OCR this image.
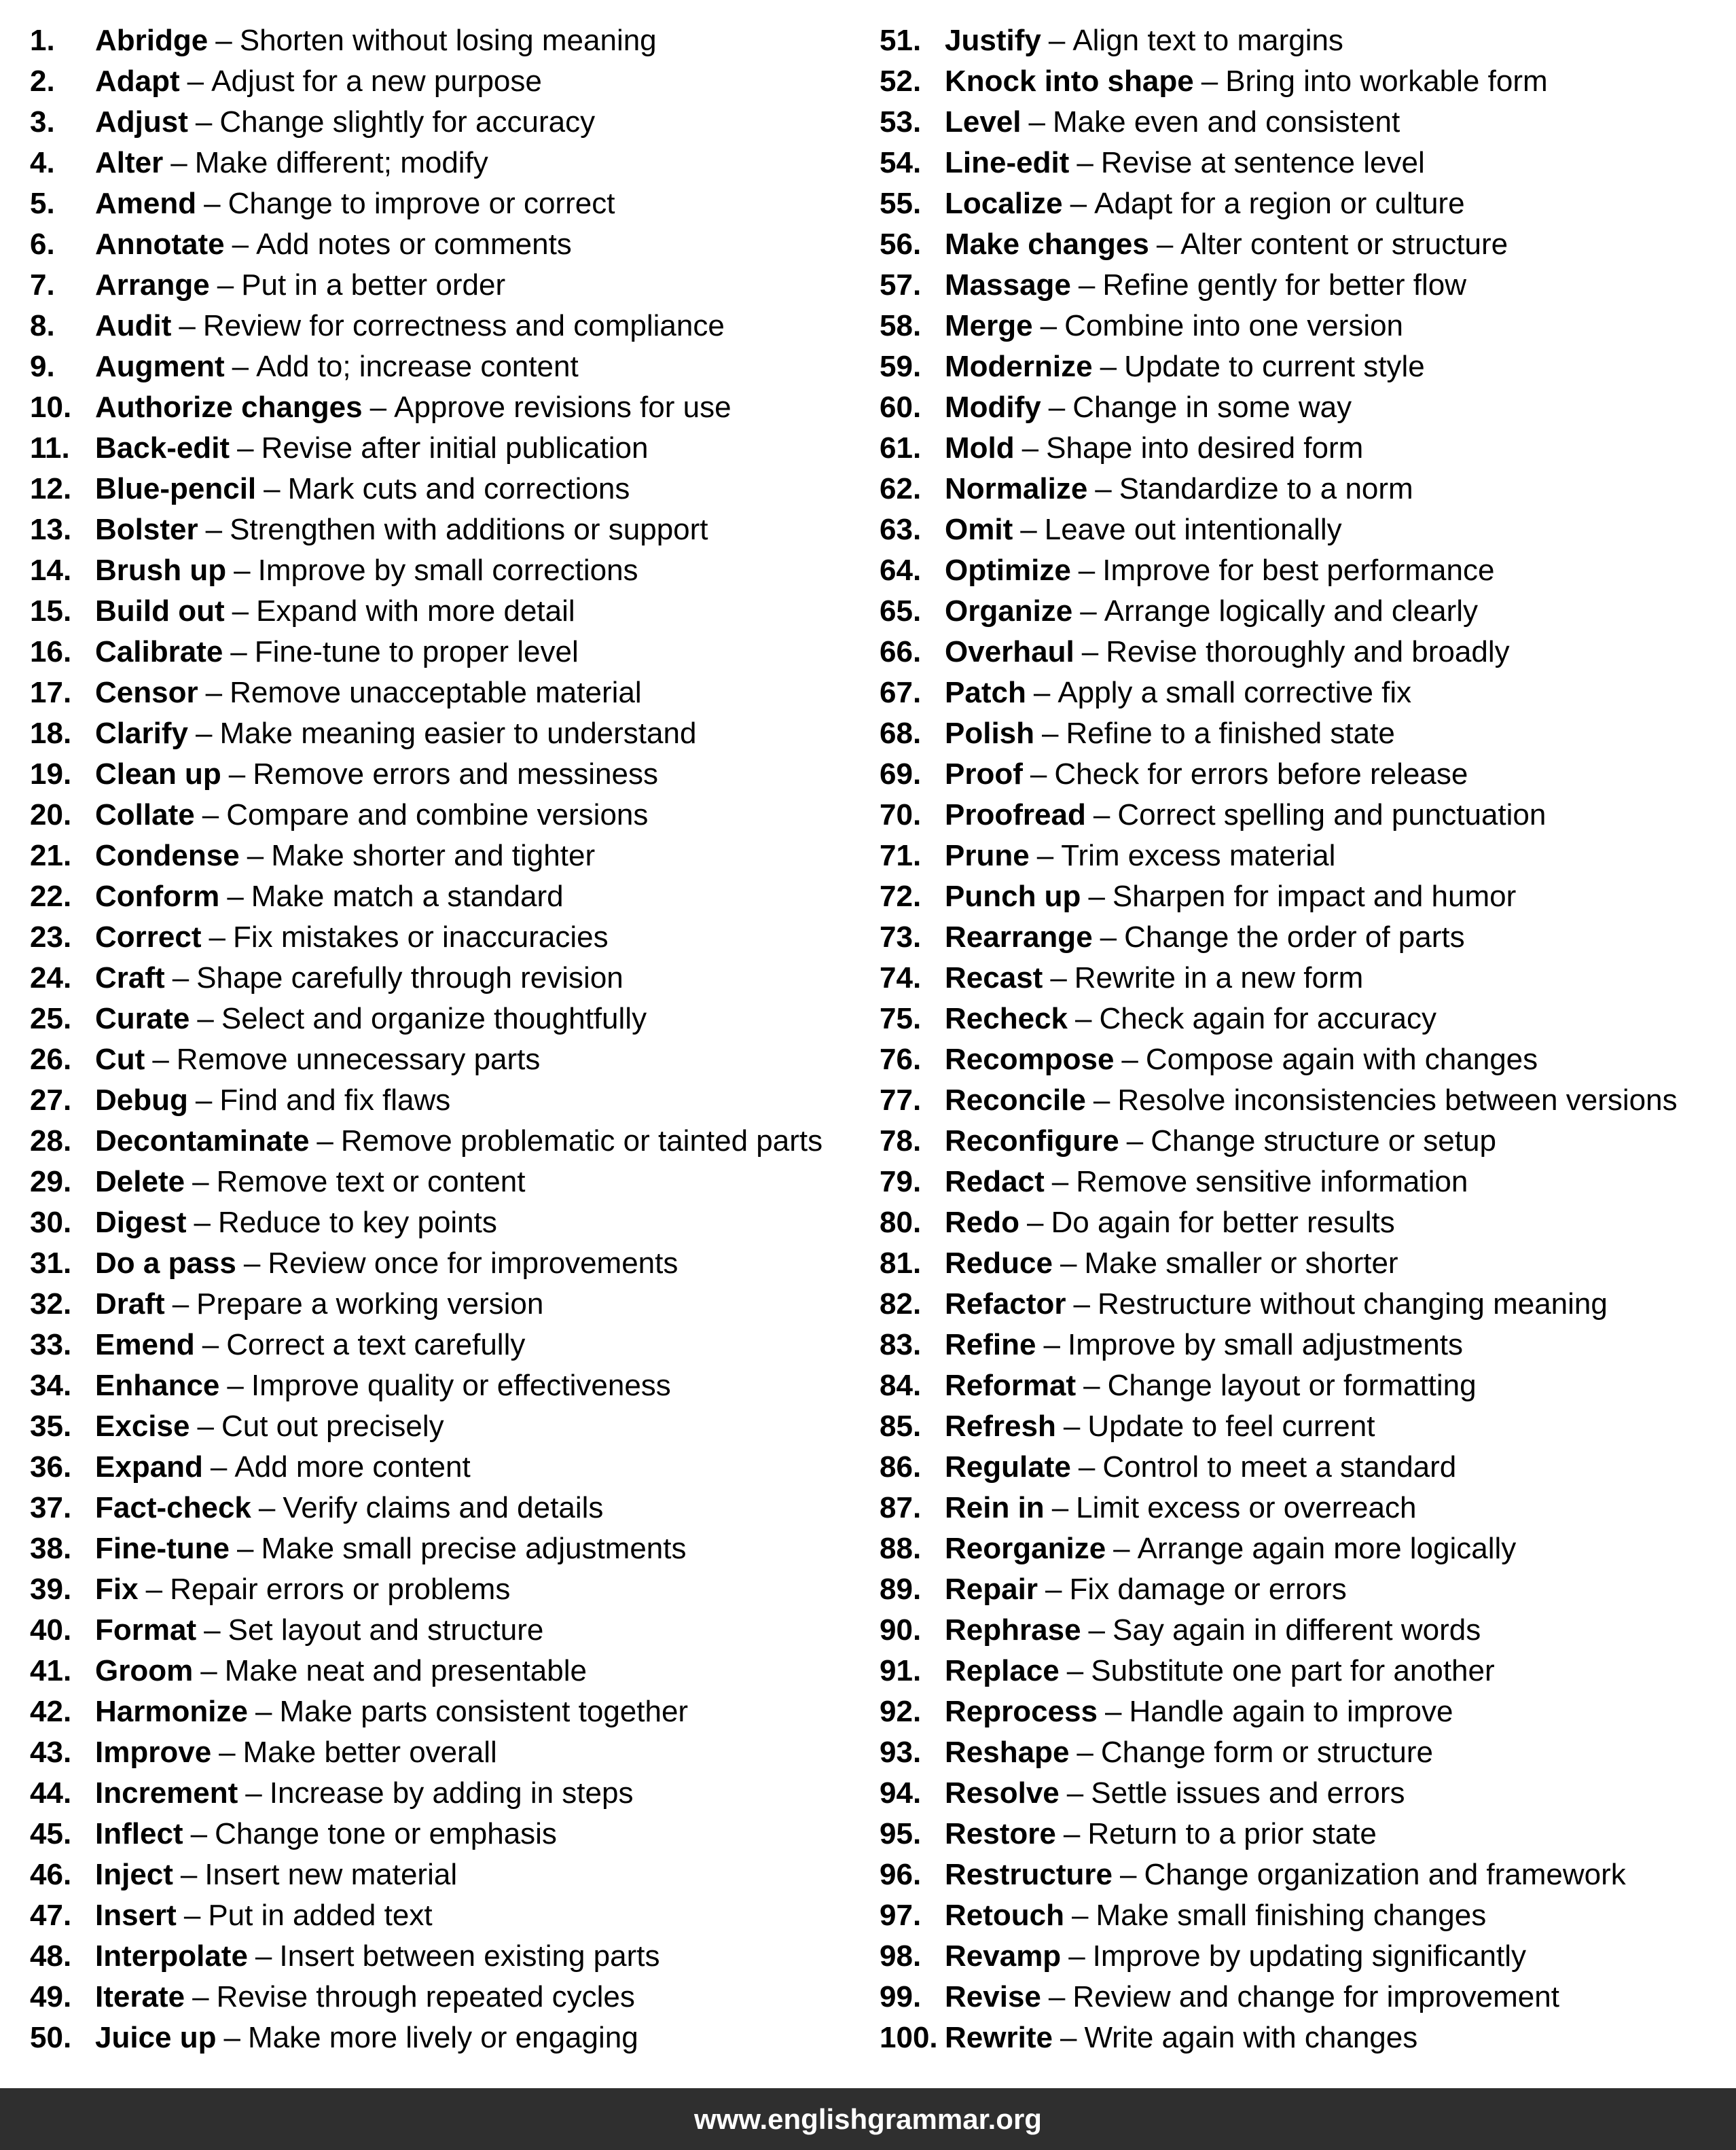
1.	Abridge – Shorten without losing meaning
2.	Adapt – Adjust for a new purpose
3.	Adjust – Change slightly for accuracy
4.	Alter – Make different; modify
5.	Amend – Change to improve or correct
6.	Annotate – Add notes or comments
7.	Arrange – Put in a better order
8.	Audit – Review for correctness and compliance
9.	Augment – Add to; increase content
10. Authorize changes – Approve revisions for use
11. Back-edit – Revise after initial publication
12. Blue-pencil – Mark cuts and corrections
13. Bolster – Strengthen with additions or support
14. Brush up – Improve by small corrections
15. Build out – Expand with more detail
16. Calibrate – Fine-tune to proper level
17. Censor – Remove unacceptable material
18. Clarify – Make meaning easier to understand
19. Clean up – Remove errors and messiness
20. Collate – Compare and combine versions
21. Condense – Make shorter and tighter
22. Conform – Make match a standard
23. Correct – Fix mistakes or inaccuracies
24. Craft – Shape carefully through revision
25. Curate – Select and organize thoughtfully
26. Cut – Remove unnecessary parts
27. Debug – Find and fix flaws
28. Decontaminate – Remove problematic or tainted parts
29. Delete – Remove text or content
30. Digest – Reduce to key points
31. Do a pass – Review once for improvements
32. Draft – Prepare a working version
33. Emend – Correct a text carefully
34. Enhance – Improve quality or effectiveness
35. Excise – Cut out precisely
36. Expand – Add more content
37. Fact-check – Verify claims and details
38. Fine-tune – Make small precise adjustments
39. Fix – Repair errors or problems
40. Format – Set layout and structure
41. Groom – Make neat and presentable
42. Harmonize – Make parts consistent together
43. Improve – Make better overall
44. Increment – Increase by adding in steps
45. Inflect – Change tone or emphasis
46. Inject – Insert new material
47. Insert – Put in added text
48. Interpolate – Insert between existing parts
49. Iterate – Revise through repeated cycles
50. Juice up – Make more lively or engaging
51. Justify – Align text to margins
52. Knock into shape – Bring into workable form
53. Level – Make even and consistent
54. Line-edit – Revise at sentence level
55. Localize – Adapt for a region or culture
56. Make changes – Alter content or structure
57. Massage – Refine gently for better flow
58. Merge – Combine into one version
59. Modernize – Update to current style
60. Modify – Change in some way
61. Mold – Shape into desired form
62. Normalize – Standardize to a norm
63. Omit – Leave out intentionally
64. Optimize – Improve for best performance
65. Organize – Arrange logically and clearly
66. Overhaul – Revise thoroughly and broadly
67. Patch – Apply a small corrective fix
68. Polish – Refine to a finished state
69. Proof – Check for errors before release
70. Proofread – Correct spelling and punctuation
71. Prune – Trim excess material
72. Punch up – Sharpen for impact and humor
73. Rearrange – Change the order of parts
74. Recast – Rewrite in a new form
75. Recheck – Check again for accuracy
76. Recompose – Compose again with changes
77. Reconcile – Resolve inconsistencies between versions
78. Reconfigure – Change structure or setup
79. Redact – Remove sensitive information
80. Redo – Do again for better results
81. Reduce – Make smaller or shorter
82. Refactor – Restructure without changing meaning
83. Refine – Improve by small adjustments
84. Reformat – Change layout or formatting
85. Refresh – Update to feel current
86. Regulate – Control to meet a standard
87. Rein in – Limit excess or overreach
88. Reorganize – Arrange again more logically
89. Repair – Fix damage or errors
90. Rephrase – Say again in different words
91. Replace – Substitute one part for another
92. Reprocess – Handle again to improve
93. Reshape – Change form or structure
94. Resolve – Settle issues and errors
95. Restore – Return to a prior state
96. Restructure – Change organization and framework
97. Retouch – Make small finishing changes
98. Revamp – Improve by updating significantly
99. Revise – Review and change for improvement
100. Rewrite – Write again with changes
www.englishgrammar.org
